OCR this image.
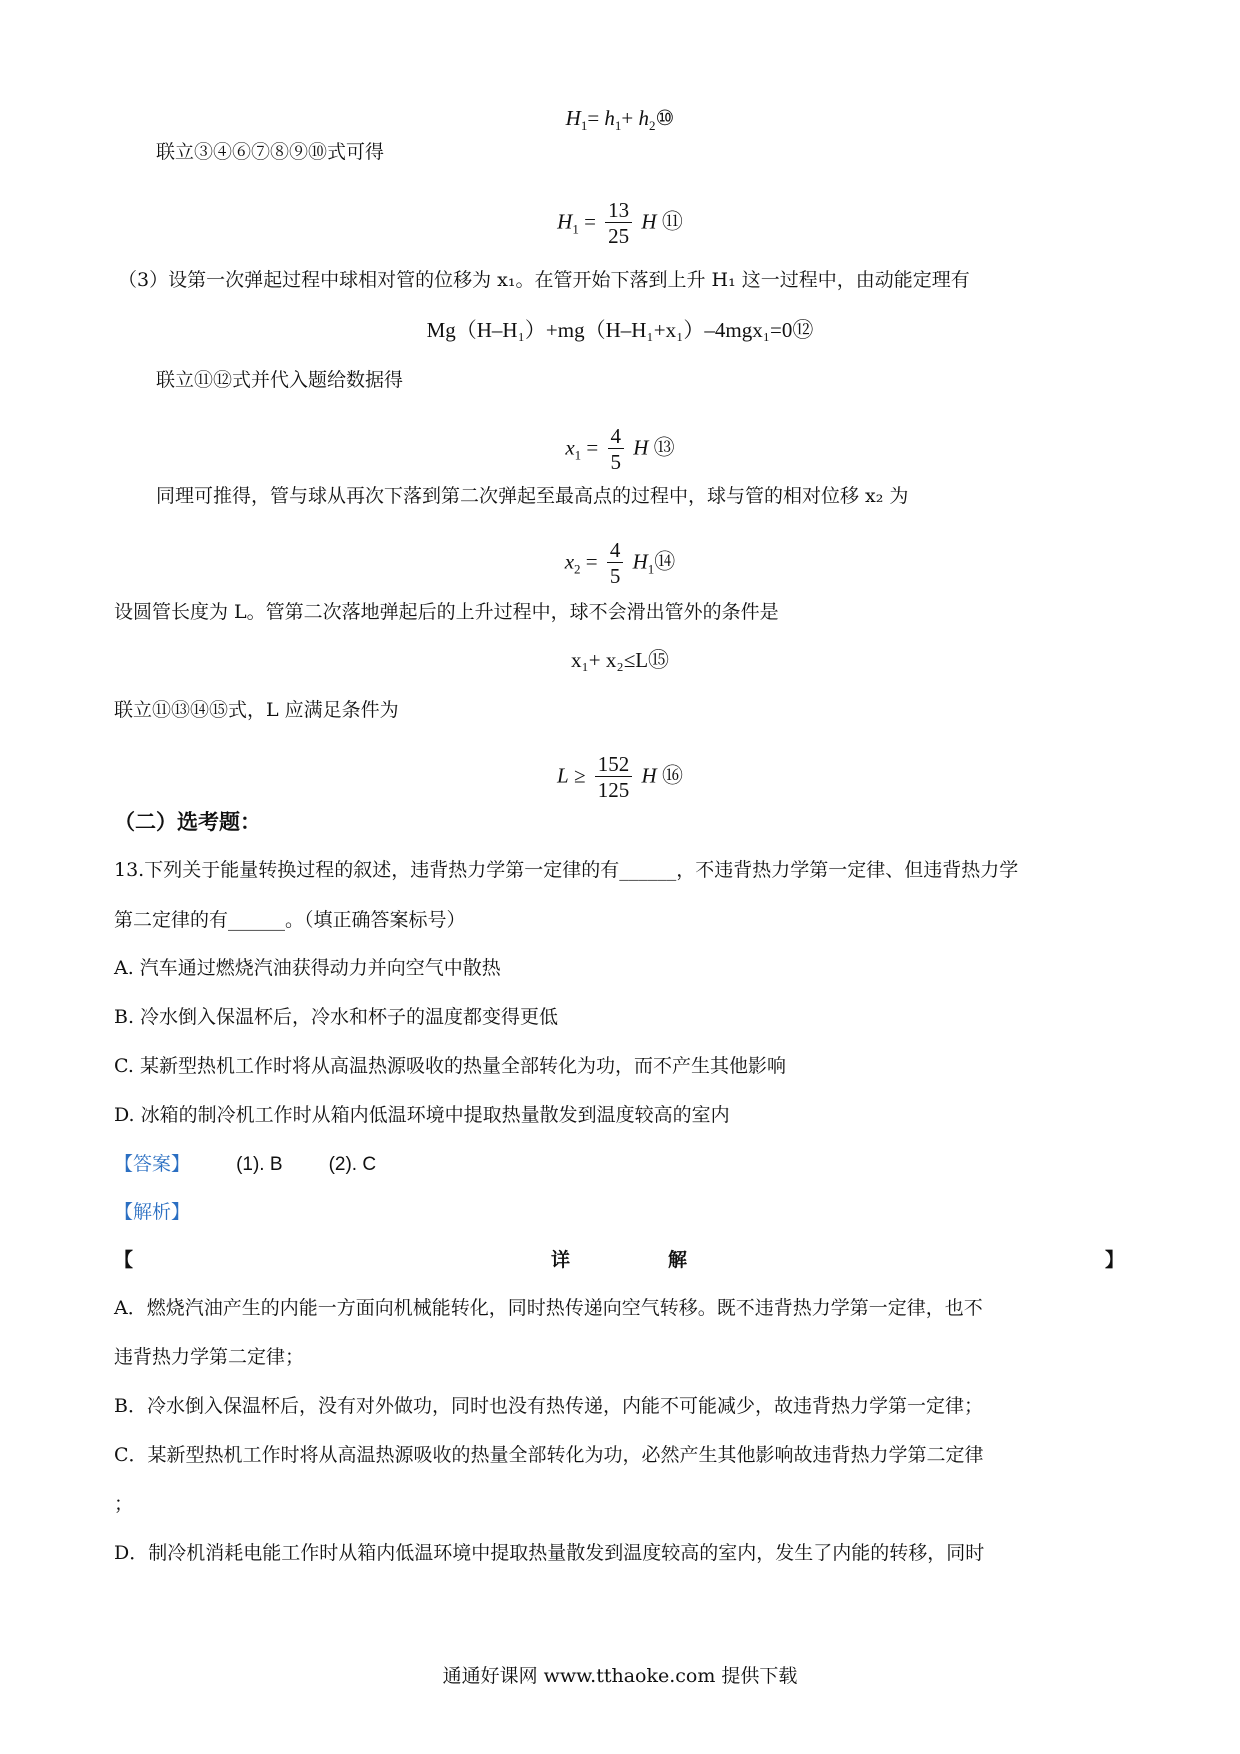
$H_1= h_1+$ $h_2⑩$
联立③④⑥⑦⑧⑨⑩式可得
$H_1 = \frac{13}{25}$ H ⑪
（3）设第一次弹起过程中球相对管的位移为 x₁。在管开始下落到上升 H₁ 这一过程中，由动能定理有
Mg（H–H₁）+mg（H–H₁+x₁）–4mgx₁=0⑫
联立⑪⑫式并代入题给数据得
$x_1 = \frac{4}{5}$ H ⑬
同理可推得，管与球从再次下落到第二次弹起至最高点的过程中，球与管的相对位移 x₂ 为
$x_2 = \frac{4}{5}$ $H_1⑭$
设圆管长度为 L。管第二次落地弹起后的上升过程中，球不会滑出管外的条件是
x₁+ x₂≤L⑮
联立⑪⑬⑭⑮式，L 应满足条件为
$L \ge \frac{152}{125}$ H ⑯
（二）选考题：
13.下列关于能量转换过程的叙述，违背热力学第一定律的有______，不违背热力学第一定律、但违背热力学
第二定律的有______。（填正确答案标号）
A. 汽车通过燃烧汽油获得动力并向空气中散热
B. 冷水倒入保温杯后，冷水和杯子的温度都变得更低
C. 某新型热机工作时将从高温热源吸收的热量全部转化为功，而不产生其他影响
D. 冰箱的制冷机工作时从箱内低温环境中提取热量散发到温度较高的室内
【答案】 (1). B (2). C
【解析】
【	详	解	】
A．燃烧汽油产生的内能一方面向机械能转化，同时热传递向空气转移。既不违背热力学第一定律，也不
违背热力学第二定律；
B．冷水倒入保温杯后，没有对外做功，同时也没有热传递，内能不可能减少，故违背热力学第一定律；
C．某新型热机工作时将从高温热源吸收的热量全部转化为功，必然产生其他影响故违背热力学第二定律
；
D．制冷机消耗电能工作时从箱内低温环境中提取热量散发到温度较高的室内，发生了内能的转移，同时
通通好课网 www.tthaoke.com 提供下载
